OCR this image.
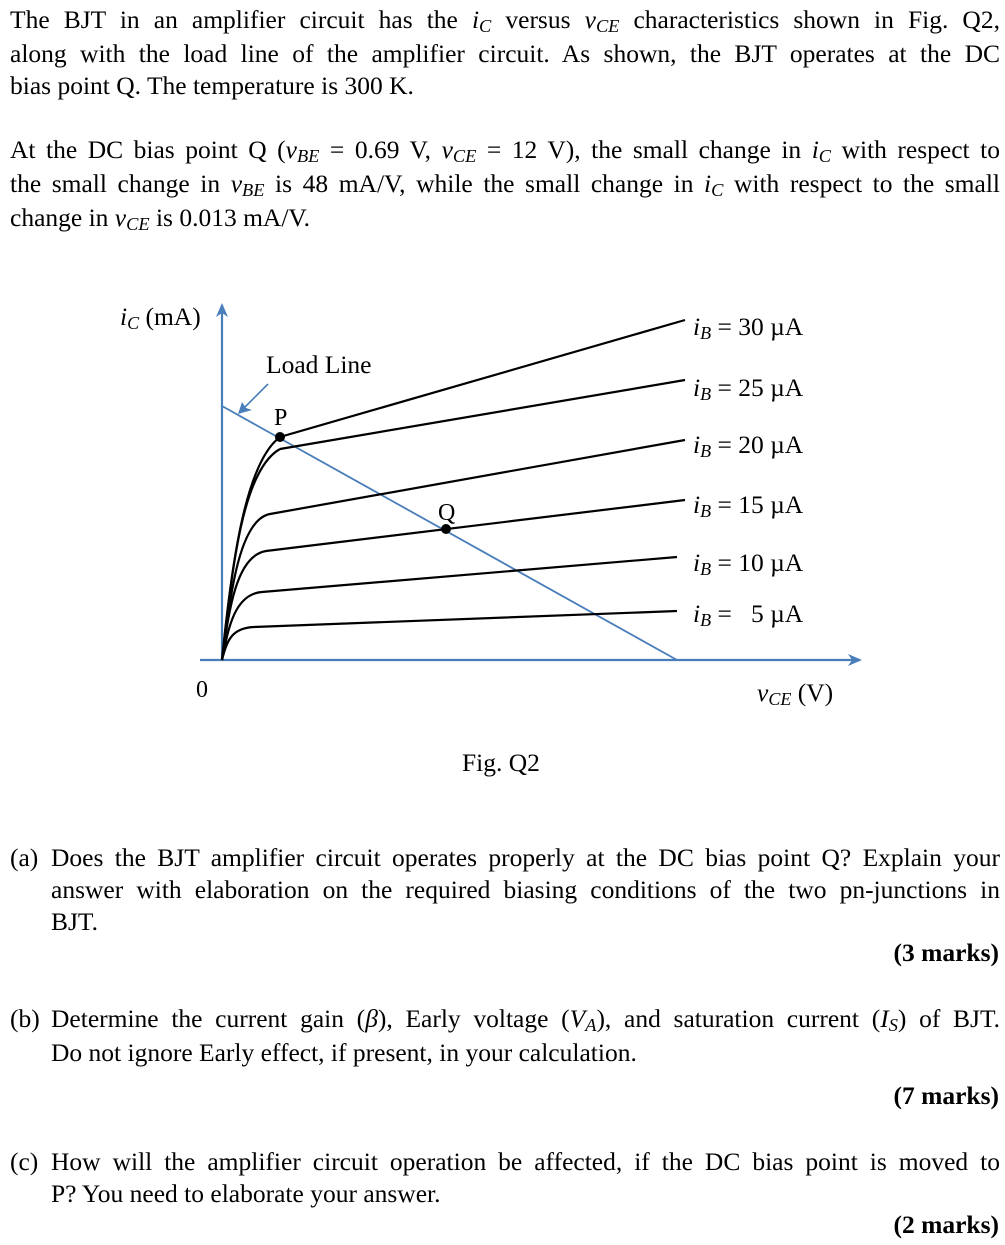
The BJT in an amplifier circuit has the iC versus vCE characteristics shown in Fig. Q2,
along with the load line of the amplifier circuit. As shown, the BJT operates at the DC
bias point Q. The temperature is 300 K.
At the DC bias point Q (vBE = 0.69 V, vCE = 12 V), the small change in iC with respect to
the small change in vBE is 48 mA/V, while the small change in iC with respect to the small
change in vCE is 0.013 mA/V.
iC (mA)
vCE (V)
0
Load Line
P
Q
iB = 30 µA
iB = 25 µA
iB = 20 µA
iB = 15 µA
iB = 10 µA
iB =   5 µA
Fig. Q2
(a) Does the BJT amplifier circuit operates properly at the DC bias point Q? Explain your
answer with elaboration on the required biasing conditions of the two pn-junctions in
BJT.
(3 marks)
(b) Determine the current gain (β), Early voltage (VA), and saturation current (IS) of BJT.
Do not ignore Early effect, if present, in your calculation.
(7 marks)
(c) How will the amplifier circuit operation be affected, if the DC bias point is moved to
P? You need to elaborate your answer.
(2 marks)
